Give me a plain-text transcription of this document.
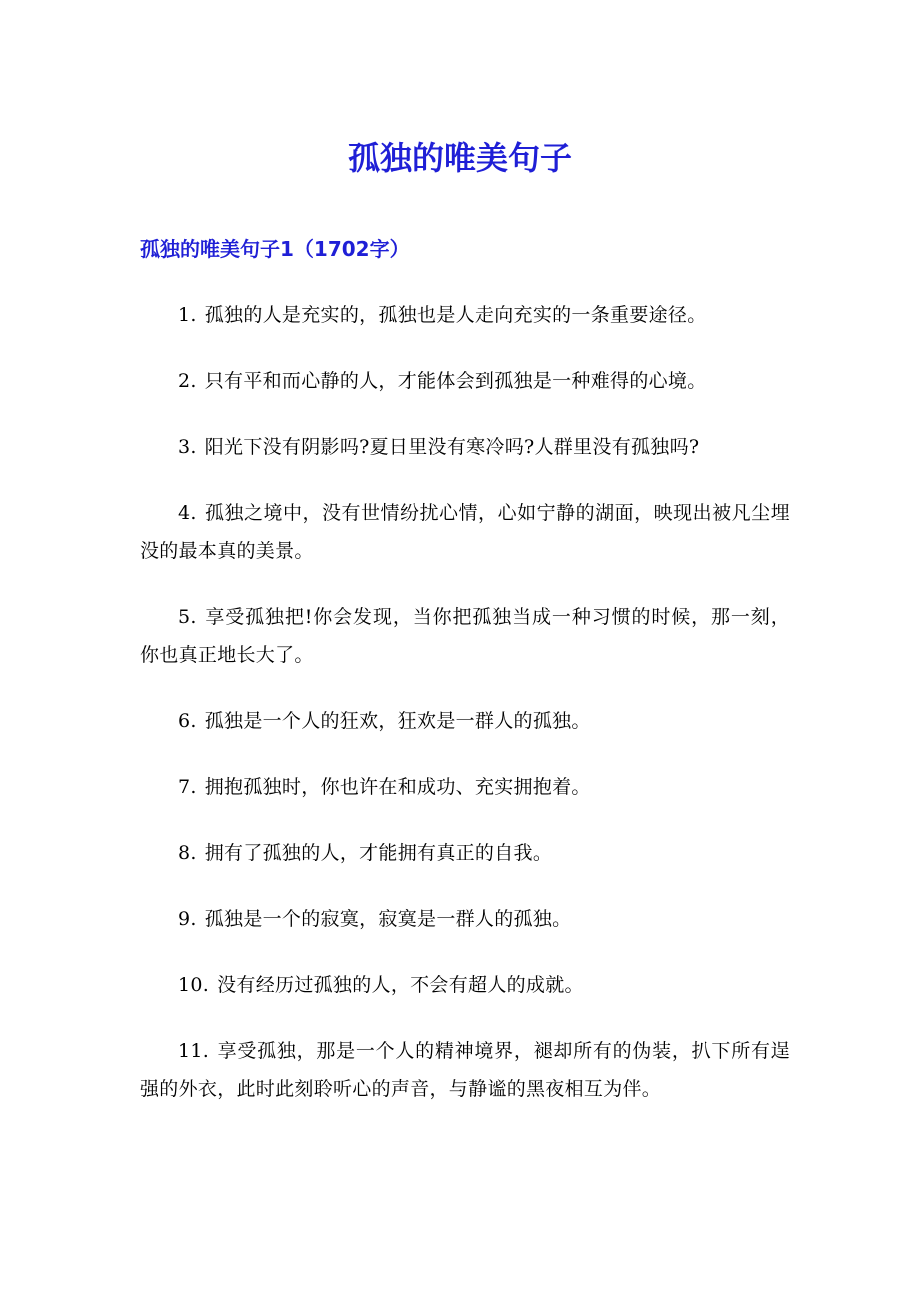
孤独的唯美句子
孤独的唯美句子1（1702字）
1. 孤独的人是充实的，孤独也是人走向充实的一条重要途径。
2. 只有平和而心静的人，才能体会到孤独是一种难得的心境。
3. 阳光下没有阴影吗?夏日里没有寒冷吗?人群里没有孤独吗?
4. 孤独之境中，没有世情纷扰心情，心如宁静的湖面，映现出被凡尘埋没的最本真的美景。
5. 享受孤独把!你会发现，当你把孤独当成一种习惯的时候，那一刻，你也真正地长大了。
6. 孤独是一个人的狂欢，狂欢是一群人的孤独。
7. 拥抱孤独时，你也许在和成功、充实拥抱着。
8. 拥有了孤独的人，才能拥有真正的自我。
9. 孤独是一个的寂寞，寂寞是一群人的孤独。
10. 没有经历过孤独的人，不会有超人的成就。
11. 享受孤独，那是一个人的精神境界，褪却所有的伪装，扒下所有逞强的外衣，此时此刻聆听心的声音，与静谧的黑夜相互为伴。
